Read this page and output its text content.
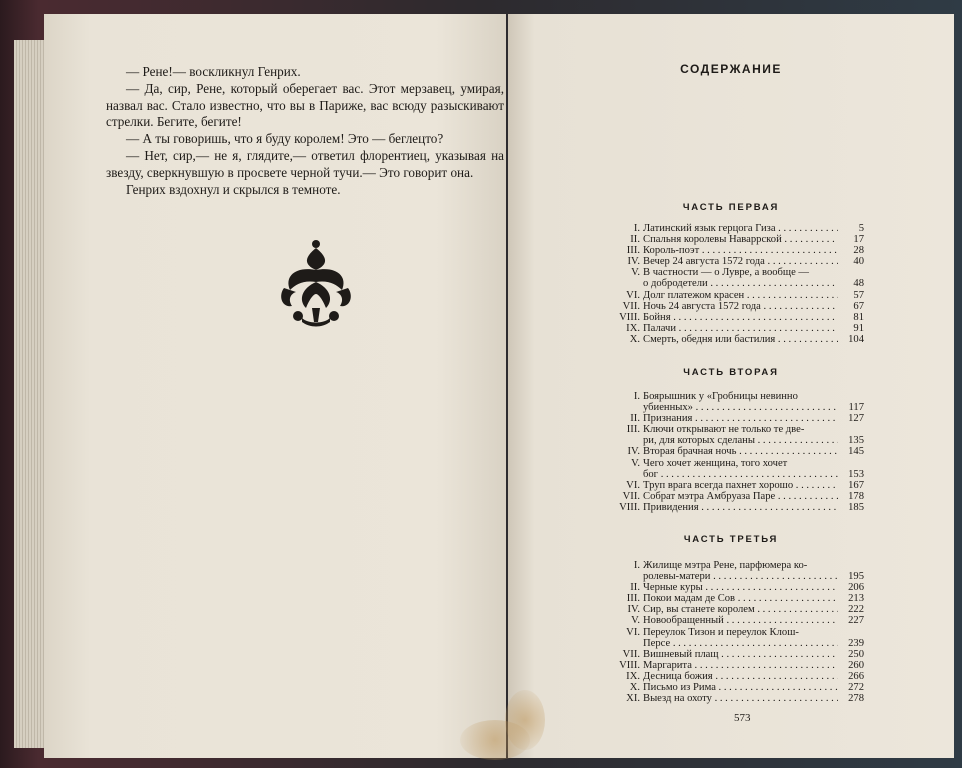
— Рене!— воскликнул Генрих.

— Да, сир, Рене, который оберегает вас. Этот мерзавец, умирая, назвал вас. Стало известно, что вы в Париже, вас всюду разыскивают стрелки. Бегите, бегите!

— А ты говоришь, что я буду королем! Это — беглецто?

— Нет, сир,— не я, глядите,— ответил флорентиец, указывая на звезду, сверкнувшую в просвете черной тучи.— Это говорит она.

Генрих вздохнул и скрылся в темноте.

СОДЕРЖАНИЕ
ЧАСТЬ ПЕРВАЯ
I. Латинский язык герцога Гиза . . .	5
II. Спальня королевы Наваррской . . .	17
III. Король-поэт . . .	28
IV. Вечер 24 августа 1572 года . . .	40
V. В частности — о Лувре, а вообще —
о добродетели . . .	48
VI. Долг платежом красен . . .	57
VII. Ночь 24 августа 1572 года . . .	67
VIII. Бойня . . .	81
IX. Палачи . . .	91
X. Смерть, обедня или бастилия . . .	104
ЧАСТЬ ВТОРАЯ
I. Боярышник у «Гробницы невинно
убиенных» . . .	117
II. Признания . . .	127
III. Ключи открывают не только те две-
ри, для которых сделаны . . .	135
IV. Вторая брачная ночь . . .	145
V. Чего хочет женщина, того хочет
бог . . .	153
VI. Труп врага всегда пахнет хорошо . . .	167
VII. Собрат мэтра Амбруаза Паре . . .	178
VIII. Привидения . . .	185
ЧАСТЬ ТРЕТЬЯ
I. Жилище мэтра Рене, парфюмера ко-
ролевы-матери . . .	195
II. Черные куры . . .	206
III. Покои мадам де Сов . . .	213
IV. Сир, вы станете королем . . .	222
V. Новообращенный . . .	227
VI. Переулок Тизон и переулок Клош-
Персе . . .	239
VII. Вишневый плащ . . .	250
VIII. Маргарита . . .	260
IX. Десница божия . . .	266
X. Письмо из Рима . . .	272
XI. Выезд на охоту . . .	278
573
